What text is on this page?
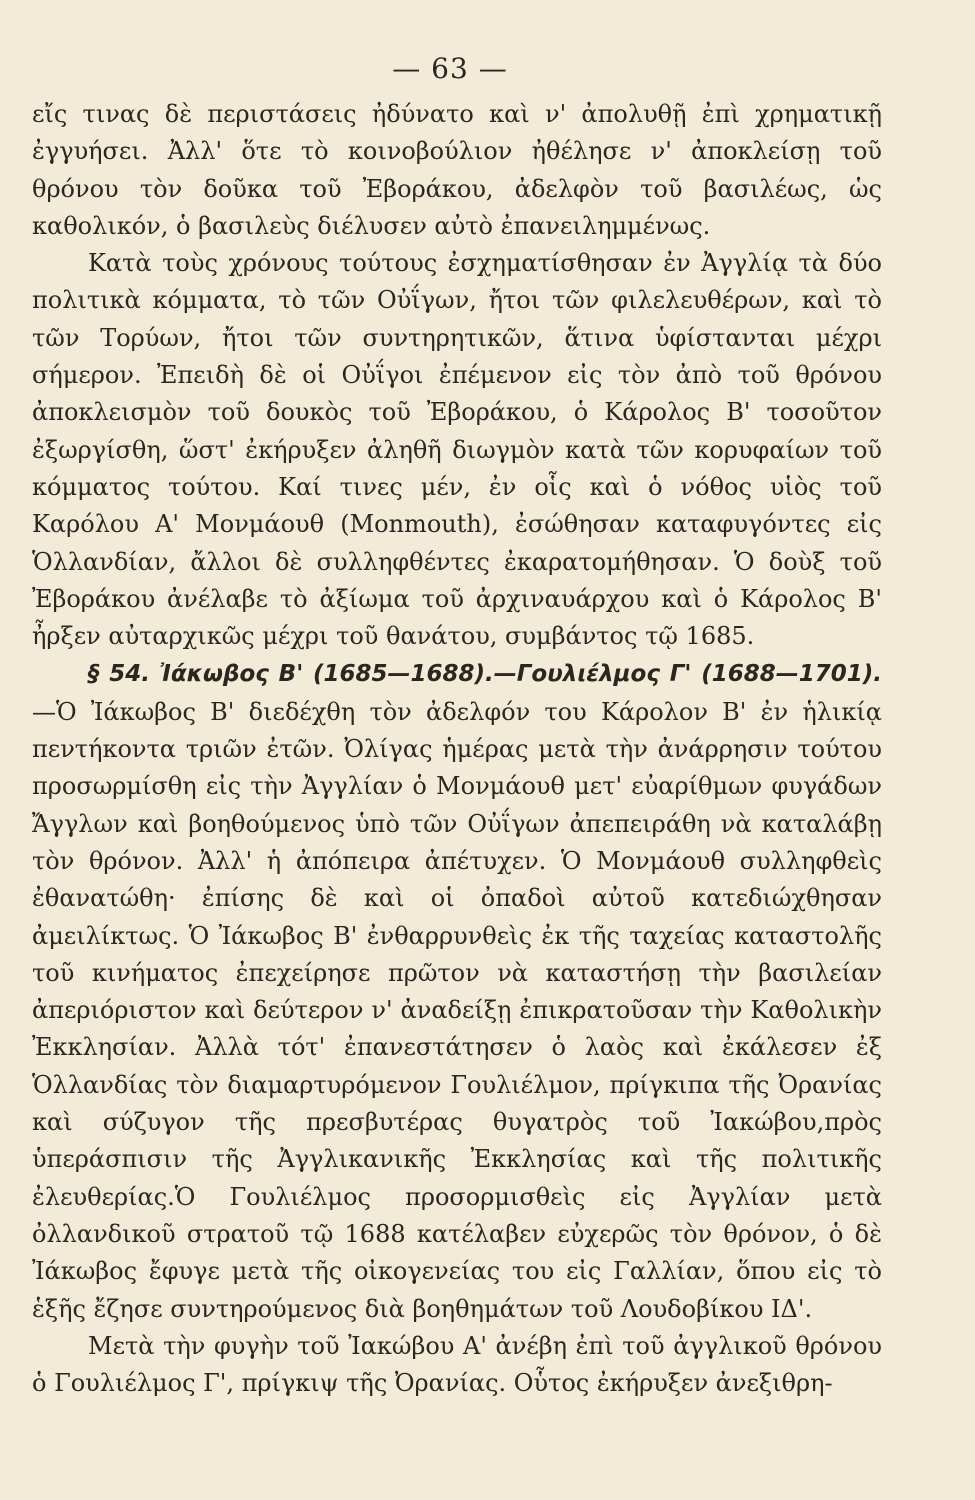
— 63 —

εἴς τινας δὲ περιστάσεις ἠδύνατο καὶ ν' ἀπολυθῇ ἐπὶ χρηματικῇ ἐγγυήσει. Ἀλλ' ὅτε τὸ κοινοβούλιον ἠθέλησε ν' ἀποκλείσῃ τοῦ θρόνου τὸν δοῦκα τοῦ Ἐβοράκου, ἀδελφὸν τοῦ βασιλέως, ὡς καθολικόν, ὁ βασιλεὺς διέλυσεν αὐτὸ ἐπανειλημμένως.

Κατὰ τοὺς χρόνους τούτους ἐσχηματίσθησαν ἐν Ἀγγλίᾳ τὰ δύο πολιτικὰ κόμματα, τὸ τῶν Οὐΐγων, ἤτοι τῶν φιλελευθέρων, καὶ τὸ τῶν Τορύων, ἤτοι τῶν συντηρητικῶν, ἅτινα ὑφίστανται μέχρι σήμερον. Ἐπειδὴ δὲ οἱ Οὐΐγοι ἐπέμενον εἰς τὸν ἀπὸ τοῦ θρόνου ἀποκλεισμὸν τοῦ δουκὸς τοῦ Ἐβοράκου, ὁ Κάρολος Β' τοσοῦτον ἐξωργίσθη, ὥστ' ἐκήρυξεν ἀληθῆ διωγμὸν κατὰ τῶν κορυφαίων τοῦ κόμματος τούτου. Καί τινες μέν, ἐν οἷς καὶ ὁ νόθος υἱὸς τοῦ Καρόλου Α' Μονμάουθ (Monmouth), ἐσώθησαν καταφυγόντες εἰς Ὁλλανδίαν, ἄλλοι δὲ συλληφθέντες ἐκαρατομήθησαν. Ὁ δοὺξ τοῦ Ἐβοράκου ἀνέλαβε τὸ ἀξίωμα τοῦ ἀρχιναυάρχου καὶ ὁ Κάρολος Β' ἦρξεν αὐταρχικῶς μέχρι τοῦ θανάτου, συμβάντος τῷ 1685.

§ 54. Ἰάκωβος Β' (1685—1688).—Γουλιέλμος Γ' (1688—1701).—Ὁ Ἰάκωβος Β' διεδέχθη τὸν ἀδελφόν του Κάρολον Β' ἐν ἡλικίᾳ πεντήκοντα τριῶν ἐτῶν. Ὀλίγας ἡμέρας μετὰ τὴν ἀνάρρησιν τούτου προσωρμίσθη εἰς τὴν Ἀγγλίαν ὁ Μονμάουθ μετ' εὐαρίθμων φυγάδων Ἄγγλων καὶ βοηθούμενος ὑπὸ τῶν Οὐΐγων ἀπεπειράθη νὰ καταλάβῃ τὸν θρόνον. Ἀλλ' ἡ ἀπόπειρα ἀπέτυχεν. Ὁ Μονμάουθ συλληφθεὶς ἐθανατώθη· ἐπίσης δὲ καὶ οἱ ὀπαδοὶ αὐτοῦ κατεδιώχθησαν ἀμειλίκτως. Ὁ Ἰάκωβος Β' ἐνθαρρυνθεὶς ἐκ τῆς ταχείας καταστολῆς τοῦ κινήματος ἐπεχείρησε πρῶτον νὰ καταστήσῃ τὴν βασιλείαν ἀπεριόριστον καὶ δεύτερον ν' ἀναδείξῃ ἐπικρατοῦσαν τὴν Καθολικὴν Ἐκκλησίαν. Ἀλλὰ τότ' ἐπανεστάτησεν ὁ λαὸς καὶ ἐκάλεσεν ἐξ Ὁλλανδίας τὸν διαμαρτυρόμενον Γουλιέλμον, πρίγκιπα τῆς Ὀρανίας καὶ σύζυγον τῆς πρεσβυτέρας θυγατρὸς τοῦ Ἰακώβου,πρὸς ὑπεράσπισιν τῆς Ἀγγλικανικῆς Ἐκκλησίας καὶ τῆς πολιτικῆς ἐλευθερίας.Ὁ Γουλιέλμος προσορμισθεὶς εἰς Ἀγγλίαν μετὰ ὀλλανδικοῦ στρατοῦ τῷ 1688 κατέλαβεν εὐχερῶς τὸν θρόνον, ὁ δὲ Ἰάκωβος ἔφυγε μετὰ τῆς οἰκογενείας του εἰς Γαλλίαν, ὅπου εἰς τὸ ἑξῆς ἔζησε συντηρούμενος διὰ βοηθημάτων τοῦ Λουδοβίκου ΙΔ'.

Μετὰ τὴν φυγὴν τοῦ Ἰακώβου Α' ἀνέβη ἐπὶ τοῦ ἀγγλικοῦ θρόνου ὁ Γουλιέλμος Γ', πρίγκιψ τῆς Ὀρανίας. Οὗτος ἐκήρυξεν ἀνεξιθρη-
